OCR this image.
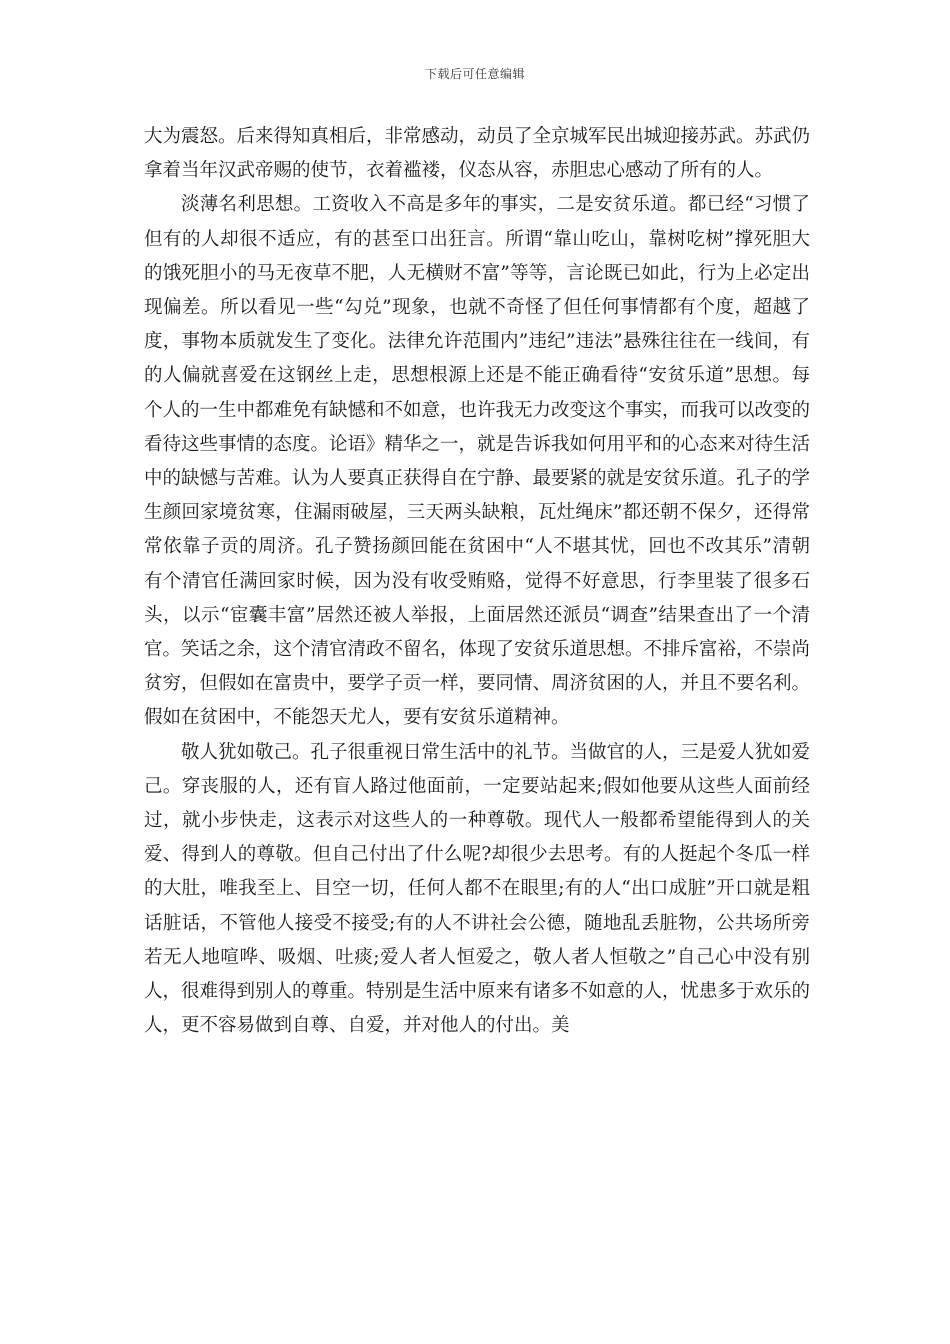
下载后可任意编辑

大为震怒。后来得知真相后，非常感动，动员了全京城军民出城迎接苏武。苏武仍拿着当年汉武帝赐的使节，衣着褴褛，仪态从容，赤胆忠心感动了所有的人。

淡薄名利思想。工资收入不高是多年的事实，二是安贫乐道。都已经“习惯了但有的人却很不适应，有的甚至口出狂言。所谓“靠山吃山，靠树吃树”撑死胆大的饿死胆小的马无夜草不肥，人无横财不富”等等，言论既已如此，行为上必定出现偏差。所以看见一些“勾兑”现象，也就不奇怪了但任何事情都有个度，超越了度，事物本质就发生了变化。法律允许范围内”违纪”违法”悬殊往往在一线间，有的人偏就喜爱在这钢丝上走，思想根源上还是不能正确看待“安贫乐道”思想。每个人的一生中都难免有缺憾和不如意，也许我无力改变这个事实，而我可以改变的看待这些事情的态度。论语》精华之一，就是告诉我如何用平和的心态来对待生活中的缺憾与苦难。认为人要真正获得自在宁静、最要紧的就是安贫乐道。孔子的学生颜回家境贫寒，住漏雨破屋，三天两头缺粮，瓦灶绳床”都还朝不保夕，还得常常依靠子贡的周济。孔子赞扬颜回能在贫困中“人不堪其忧，回也不改其乐”清朝有个清官任满回家时候，因为没有收受贿赂，觉得不好意思，行李里装了很多石头，以示“宦囊丰富”居然还被人举报，上面居然还派员“调查”结果查出了一个清官。笑话之余，这个清官清政不留名，体现了安贫乐道思想。不排斥富裕，不崇尚贫穷，但假如在富贵中，要学子贡一样，要同情、周济贫困的人，并且不要名利。假如在贫困中，不能怨天尤人，要有安贫乐道精神。

敬人犹如敬己。孔子很重视日常生活中的礼节。当做官的人，三是爱人犹如爱己。穿丧服的人，还有盲人路过他面前，一定要站起来;假如他要从这些人面前经过，就小步快走，这表示对这些人的一种尊敬。现代人一般都希望能得到人的关爱、得到人的尊敬。但自己付出了什么呢?却很少去思考。有的人挺起个冬瓜一样的大肚，唯我至上、目空一切，任何人都不在眼里;有的人“出口成脏”开口就是粗话脏话，不管他人接受不接受;有的人不讲社会公德，随地乱丢脏物，公共场所旁若无人地喧哗、吸烟、吐痰;爱人者人恒爱之，敬人者人恒敬之”自己心中没有别人，很难得到别人的尊重。特别是生活中原来有诸多不如意的人，忧患多于欢乐的人，更不容易做到自尊、自爱，并对他人的付出。美
